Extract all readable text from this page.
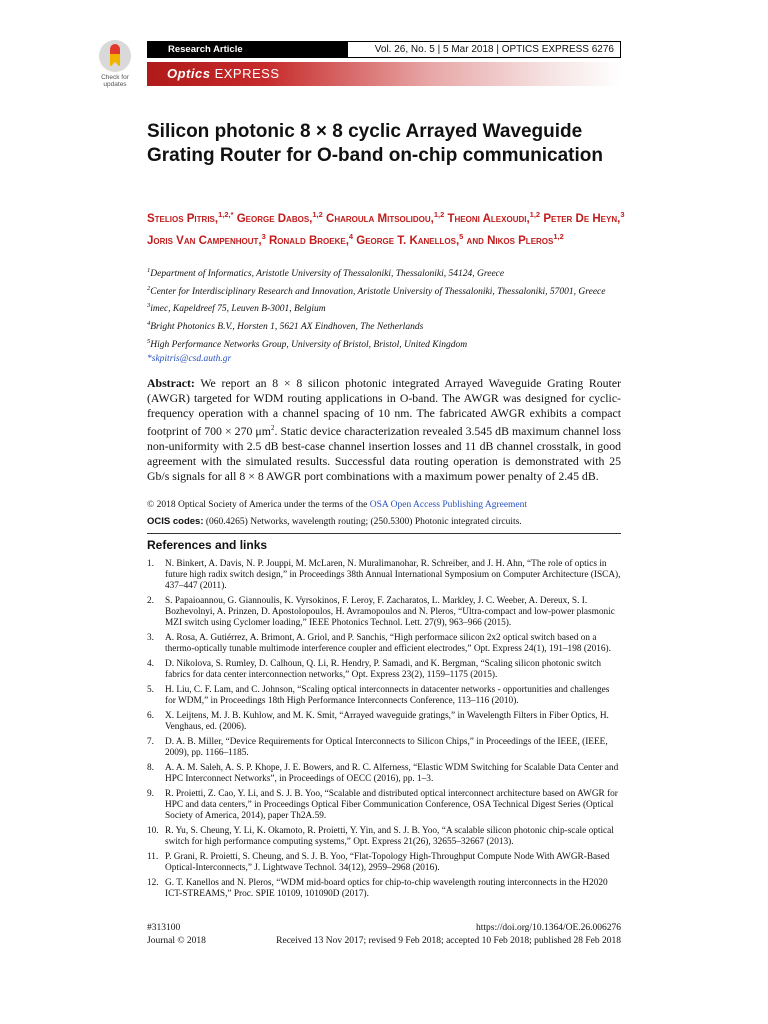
Check for
updates
Research Article	Vol. 26, No. 5 | 5 Mar 2018 | OPTICS EXPRESS 6276
Optics EXPRESS
Silicon photonic 8 × 8 cyclic Arrayed Waveguide Grating Router for O-band on-chip communication
Stelios Pitris,$^{1,2,*}$ George Dabos,$^{1,2}$ Charoula Mitsolidou,$^{1,2}$ Theoni Alexoudi,$^{1,2}$ Peter De Heyn,$^3$ Joris Van Campenhout,$^3$ Ronald Broeke,$^4$ George T. Kanellos,$^5$ and Nikos Pleros$^{1,2}$
$^1$Department of Informatics, Aristotle University of Thessaloniki, Thessaloniki, 54124, Greece
$^2$Center for Interdisciplinary Research and Innovation, Aristotle University of Thessaloniki, Thessaloniki, 57001, Greece
$^3$imec, Kapeldreef 75, Leuven B-3001, Belgium
$^4$Bright Photonics B.V., Horsten 1, 5621 AX Eindhoven, The Netherlands
$^5$High Performance Networks Group, University of Bristol, Bristol, United Kingdom
*skpitris@csd.auth.gr

Abstract: We report an 8 × 8 silicon photonic integrated Arrayed Waveguide Grating Router (AWGR) targeted for WDM routing applications in O-band. The AWGR was designed for cyclic-frequency operation with a channel spacing of 10 nm. The fabricated AWGR exhibits a compact footprint of 700 × 270 $\mu m^2$. Static device characterization revealed 3.545 dB maximum channel loss non-uniformity with 2.5 dB best-case channel insertion losses and 11 dB channel crosstalk, in good agreement with the simulated results. Successful data routing operation is demonstrated with 25 Gb/s signals for all 8 × 8 AWGR port combinations with a maximum power penalty of 2.45 dB.

© 2018 Optical Society of America under the terms of the OSA Open Access Publishing Agreement
OCIS codes: (060.4265) Networks, wavelength routing; (250.5300) Photonic integrated circuits.
References and links
1. N. Binkert, A. Davis, N. P. Jouppi, M. McLaren, N. Muralimanohar, R. Schreiber, and J. H. Ahn, “The role of optics in future high radix switch design,” in Proceedings 38th Annual International Symposium on Computer Architecture (ISCA), 437–447 (2011).
2. S. Papaioannou, G. Giannoulis, K. Vyrsokinos, F. Leroy, F. Zacharatos, L. Markley, J. C. Weeber, A. Dereux, S. I. Bozhevolnyi, A. Prinzen, D. Apostolopoulos, H. Avramopoulos and N. Pleros, “Ultra-compact and low-power plasmonic MZI switch using Cyclomer loading,” IEEE Photonics Technol. Lett. 27(9), 963–966 (2015).
3. A. Rosa, A. Gutiérrez, A. Brimont, A. Griol, and P. Sanchis, “High performace silicon 2x2 optical switch based on a thermo-optically tunable multimode interference coupler and efficient electrodes,” Opt. Express 24(1), 191–198 (2016).
4. D. Nikolova, S. Rumley, D. Calhoun, Q. Li, R. Hendry, P. Samadi, and K. Bergman, “Scaling silicon photonic switch fabrics for data center interconnection networks,” Opt. Express 23(2), 1159–1175 (2015).
5. H. Liu, C. F. Lam, and C. Johnson, “Scaling optical interconnects in datacenter networks - opportunities and challenges for WDM,” in Proceedings 18th High Performance Interconnects Conference, 113–116 (2010).
6. X. Leijtens, M. J. B. Kuhlow, and M. K. Smit, “Arrayed waveguide gratings,” in Wavelength Filters in Fiber Optics, H. Venghaus, ed. (2006).
7. D. A. B. Miller, “Device Requirements for Optical Interconnects to Silicon Chips,” in Proceedings of the IEEE, (IEEE, 2009), pp. 1166–1185.
8. A. A. M. Saleh, A. S. P. Khope, J. E. Bowers, and R. C. Alferness, “Elastic WDM Switching for Scalable Data Center and HPC Interconnect Networks”, in Proceedings of OECC (2016), pp. 1–3.
9. R. Proietti, Z. Cao, Y. Li, and S. J. B. Yoo, “Scalable and distributed optical interconnect architecture based on AWGR for HPC and data centers,” in Proceedings Optical Fiber Communication Conference, OSA Technical Digest Series (Optical Society of America, 2014), paper Th2A.59.
10. R. Yu, S. Cheung, Y. Li, K. Okamoto, R. Proietti, Y. Yin, and S. J. B. Yoo, “A scalable silicon photonic chip-scale optical switch for high performance computing systems,” Opt. Express 21(26), 32655–32667 (2013).
11. P. Grani, R. Proietti, S. Cheung, and S. J. B. Yoo, “Flat-Topology High-Throughput Compute Node With AWGR-Based Optical-Interconnects,” J. Lightwave Technol. 34(12), 2959–2968 (2016).
12. G. T. Kanellos and N. Pleros, “WDM mid-board optics for chip-to-chip wavelength routing interconnects in the H2020 ICT-STREAMS,” Proc. SPIE 10109, 101090D (2017).
#313100
Journal © 2018
https://doi.org/10.1364/OE.26.006276
Received 13 Nov 2017; revised 9 Feb 2018; accepted 10 Feb 2018; published 28 Feb 2018
